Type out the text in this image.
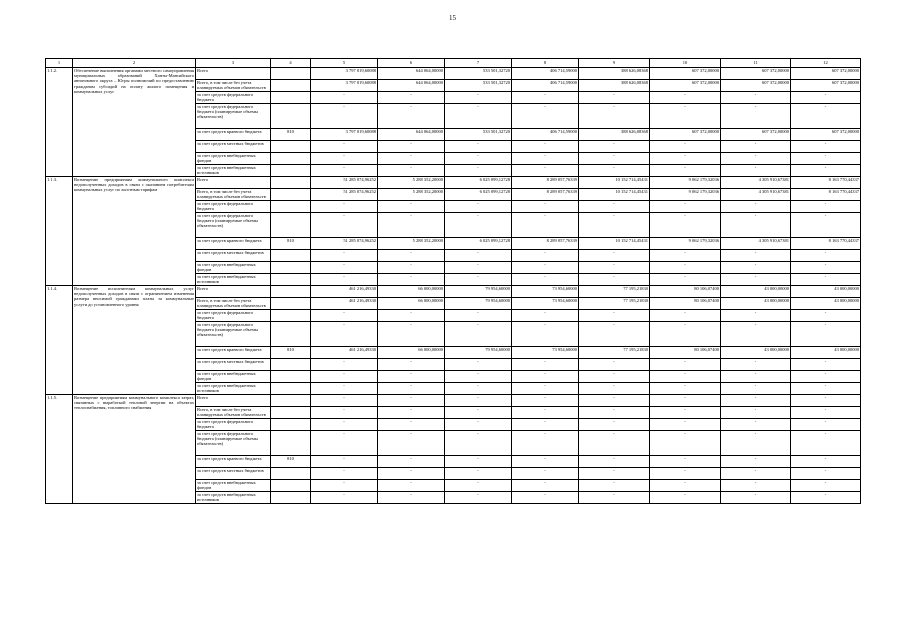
15
1	2	3	4	5	6	7	8	9	10	11	12
1.1.2.	Обеспечение выполнения органами местного самоуправления муниципальных образований Ханты-Мансийского автономного округа – Югры полномочий по предоставлению гражданам субсидий на оплату жилого помещения и коммунальных услуг	Всего		3 797 019,60088	644 064,00000	533 501,32720	406 714,59000	388 626,08368	607 372,00000	607 372,00000	607 372,00000
		Всего, в том числе без учета планируемых объемов обязательств		3 797 019,60088	644 064,00000	533 501,32720	406 714,59000	388 626,08368	607 372,00000	607 372,00000	607 372,00000
		за счет средств федерального бюджета		-	-	-	-	-	-	-	-
		за счет средств федерального бюджета (планируемые объемы обязательств)		-	-	-	-	-	-	-	-
		за счет средств краевого бюджета	810	3 797 019,60088	644 064,00000	533 501,32720	406 714,59000	388 626,08368	607 372,00000	607 372,00000	607 372,00000
		за счет средств местных бюджетов		-	-	-	-	-	-	-	-
		за счет средств внебюджетных фондов		-	-	-	-	-	-	-	-
		за счет средств внебюджетных источников		-	-	-	-	-	-	-	-
1.1.3.	Возмещение предприятиям коммунального комплекса недополученных доходов в связи с оказанием потребителям коммунальных услуг по льготным тарифам	Всего		51 285 074,96252	5 288 352,20000	6 025 099,12728	8 289 057,76339	10 152 714,45431	9 062 179,32036	4 305 910,67381	8 163 770,44337
		Всего, в том числе без учета планируемых объемов обязательств		51 285 074,96252	5 288 352,20000	6 025 099,12728	8 289 057,76339	10 152 714,45431	9 062 179,32036	4 305 910,67381	8 163 770,44337
		за счет средств федерального бюджета		-	-	-	-	-	-	-	-
		за счет средств федерального бюджета (планируемые объемы обязательств)		-	-	-	-	-	-	-	-
		за счет средств краевого бюджета	810	51 285 074,96252	5 288 352,20000	6 025 099,12728	8 289 057,76339	10 152 714,45431	9 062 179,32036	4 305 910,67381	8 163 770,44337
		за счет средств местных бюджетов		-	-	-	-	-	-	-	-
		за счет средств внебюджетных фондов		-	-	-	-	-	-	-	-
		за счет средств внебюджетных источников		-	-	-	-	-	-	-	-
1.1.4.	Возмещение исполнителям коммунальных услуг недополученных доходов в связи с ограничением изменения размера вносимой гражданами платы за коммунальные услуги до установленного уровня	Всего		461 216,49330	66 000,00000	79 954,60000	73 954,60000	77 195,21830	80 106,07400	43 000,00000	43 000,00000
		Всего, в том числе без учета планируемых объемов обязательств		461 216,49330	66 000,00000	79 954,60000	73 954,60000	77 195,21830	80 106,07400	43 000,00000	43 000,00000
		за счет средств федерального бюджета		-	-	-	-	-	-	-	-
		за счет средств федерального бюджета (планируемые объемы обязательств)		-	-	-	-	-	-	-	-
		за счет средств краевого бюджета	810	461 216,49330	66 000,00000	79 954,60000	73 954,60000	77 195,21830	80 106,07400	43 000,00000	43 000,00000
		за счет средств местных бюджетов		-	-	-	-	-	-	-	-
		за счет средств внебюджетных фондов		-	-	-	-	-	-	-	-
		за счет средств внебюджетных источников		-	-	-	-	-	-	-	-
1.1.5.	Возмещение предприятиям коммунального комплекса затрат, связанных с выработкой тепловой энергии на объектах теплоснабжения, топливного снабжения	Всего		-	-	-	-	-	-	-	-
		Всего, в том числе без учета планируемых объемов обязательств		-	-	-	-	-	-	-	-
		за счет средств федерального бюджета		-	-	-	-	-	-	-	-
		за счет средств федерального бюджета (планируемые объемы обязательств)		-	-	-	-	-	-	-	-
		за счет средств краевого бюджета	810	-	-	-	-	-	-	-	-
		за счет средств местных бюджетов		-	-	-	-	-	-	-	-
		за счет средств внебюджетных фондов		-	-	-	-	-	-	-	-
		за счет средств внебюджетных источников		-	-	-	-	-	-	-	-
